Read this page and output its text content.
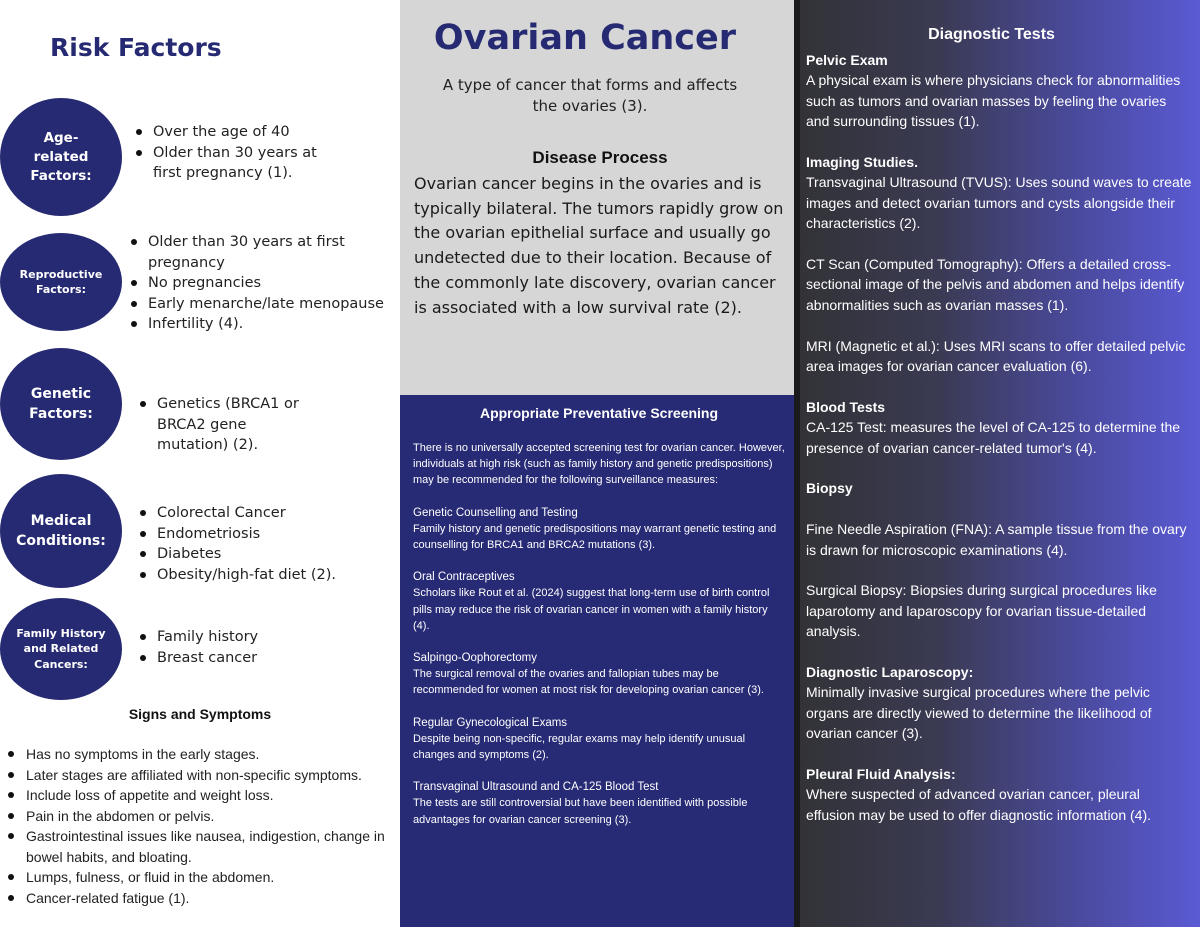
Risk Factors
Age-
related
Factors:
Over the age of 40
Older than 30 years at first pregnancy (1).
Reproductive
Factors:
Older than 30 years at first pregnancy
No pregnancies
Early menarche/late menopause
Infertility (4).
Genetic
Factors:
Genetics (BRCA1 or BRCA2 gene mutation) (2).
Medical
Conditions:
Colorectal Cancer
Endometriosis
Diabetes
Obesity/high-fat diet (2).
Family History
and Related
Cancers:
Family history
Breast cancer
Signs and Symptoms
Has no symptoms in the early stages.
Later stages are affiliated with non-specific symptoms.
Include loss of appetite and weight loss.
Pain in the abdomen or pelvis.
Gastrointestinal issues like nausea, indigestion, change in bowel habits, and bloating.
Lumps, fulness, or fluid in the abdomen.
Cancer-related fatigue (1).
Ovarian Cancer
A type of cancer that forms and affects the ovaries (3).
Disease Process
Ovarian cancer begins in the ovaries and is typically bilateral. The tumors rapidly grow on the ovarian epithelial surface and usually go undetected due to their location. Because of the commonly late discovery, ovarian cancer is associated with a low survival rate (2).
Appropriate Preventative Screening
There is no universally accepted screening test for ovarian cancer. However, individuals at high risk (such as family history and genetic predispositions) may be recommended for the following surveillance measures:
Genetic Counselling and Testing
Family history and genetic predispositions may warrant genetic testing and counselling for BRCA1 and BRCA2 mutations (3).
Oral Contraceptives
Scholars like Rout et al. (2024) suggest that long-term use of birth control pills may reduce the risk of ovarian cancer in women with a family history (4).
Salpingo-Oophorectomy
The surgical removal of the ovaries and fallopian tubes may be recommended for women at most risk for developing ovarian cancer (3).
Regular Gynecological Exams
Despite being non-specific, regular exams may help identify unusual changes and symptoms (2).
Transvaginal Ultrasound and CA-125 Blood Test
The tests are still controversial but have been identified with possible advantages for ovarian cancer screening (3).
Diagnostic Tests
Pelvic Exam
A physical exam is where physicians check for abnormalities such as tumors and ovarian masses by feeling the ovaries and surrounding tissues (1).
Imaging Studies.
Transvaginal Ultrasound (TVUS): Uses sound waves to create images and detect ovarian tumors and cysts alongside their characteristics (2).
CT Scan (Computed Tomography): Offers a detailed cross-sectional image of the pelvis and abdomen and helps identify abnormalities such as ovarian masses (1).
MRI (Magnetic et al.): Uses MRI scans to offer detailed pelvic area images for ovarian cancer evaluation (6).
Blood Tests
CA-125 Test: measures the level of CA-125 to determine the presence of ovarian cancer-related tumor's (4).
Biopsy
Fine Needle Aspiration (FNA): A sample tissue from the ovary is drawn for microscopic examinations (4).
Surgical Biopsy: Biopsies during surgical procedures like laparotomy and laparoscopy for ovarian tissue-detailed analysis.
Diagnostic Laparoscopy:
Minimally invasive surgical procedures where the pelvic organs are directly viewed to determine the likelihood of ovarian cancer (3).
Pleural Fluid Analysis:
Where suspected of advanced ovarian cancer, pleural effusion may be used to offer diagnostic information (4).
